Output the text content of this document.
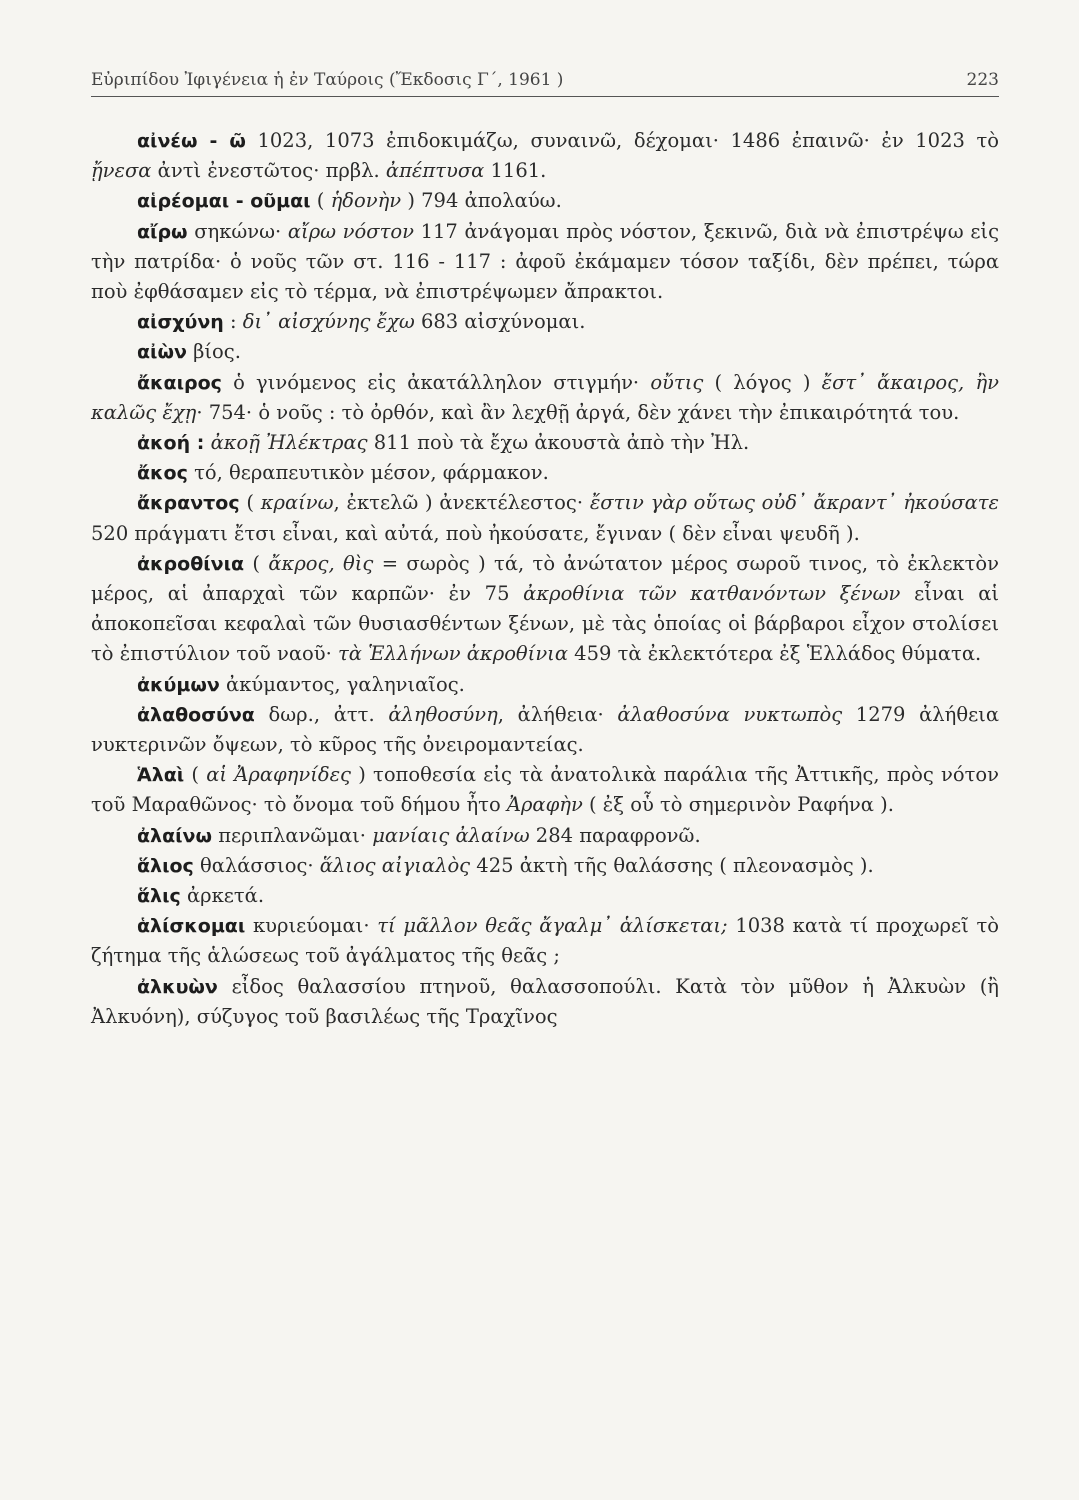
Εὐριπίδου Ἰφιγένεια ἡ ἐν Ταύροις (Ἔκδοσις Γ΄, 1961 )	223

αἰνέω - ῶ 1023, 1073 ἐπιδοκιμάζω, συναινῶ, δέχομαι· 1486 ἐπαινῶ· ἐν 1023 τὸ ᾔνεσα ἀντὶ ἐνεστῶτος· πρβλ. ἀπέπτυσα 1161.

αἱρέομαι - οῦμαι ( ἡδονὴν ) 794 ἀπολαύω.

αἴρω σηκώνω· αἴρω νόστον 117 ἀνάγομαι πρὸς νόστον, ξεκινῶ, διὰ νὰ ἐπιστρέψω εἰς τὴν πατρίδα· ὁ νοῦς τῶν στ. 116 - 117 : ἀφοῦ ἐκάμαμεν τόσον ταξίδι, δὲν πρέπει, τώρα ποὺ ἐφθάσαμεν εἰς τὸ τέρμα, νὰ ἐπιστρέψωμεν ἄπρακτοι.

αἰσχύνη : δι᾽ αἰσχύνης ἔχω 683 αἰσχύνομαι.

αἰὼν βίος.

ἄκαιρος ὁ γινόμενος εἰς ἀκατάλληλον στιγμήν· οὔτις ( λόγος ) ἔστ᾽ ἄκαιρος, ἢν καλῶς ἔχῃ· 754· ὁ νοῦς : τὸ ὀρθόν, καὶ ἂν λεχθῇ ἀργά, δὲν χάνει τὴν ἐπικαιρότητά του.

ἀκοή : ἀκοῇ Ἠλέκτρας 811 ποὺ τὰ ἔχω ἀκουστὰ ἀπὸ τὴν Ἠλ.

ἄκος τό, θεραπευτικὸν μέσον, φάρμακον.

ἄκραντος ( κραίνω, ἐκτελῶ ) ἀνεκτέλεστος· ἔστιν γὰρ οὕτως οὐδ᾽ ἄκραντ᾽ ἠκούσατε 520 πράγματι ἔτσι εἶναι, καὶ αὐτά, ποὺ ἠκούσατε, ἔγιναν ( δὲν εἶναι ψευδῆ ).

ἀκροθίνια ( ἄκρος, θὶς = σωρὸς ) τά, τὸ ἀνώτατον μέρος σωροῦ τινος, τὸ ἐκλεκτὸν μέρος, αἱ ἀπαρχαὶ τῶν καρπῶν· ἐν 75 ἀκροθίνια τῶν κατθανόντων ξένων εἶναι αἱ ἀποκοπεῖσαι κεφαλαὶ τῶν θυσιασθέντων ξένων, μὲ τὰς ὁποίας οἱ βάρβαροι εἶχον στολίσει τὸ ἐπιστύλιον τοῦ ναοῦ· τὰ Ἑλλήνων ἀκροθίνια 459 τὰ ἐκλεκτότερα ἐξ Ἑλλάδος θύματα.

ἀκύμων ἀκύμαντος, γαληνιαῖος.

ἀλαθοσύνα δωρ., ἀττ. ἀληθοσύνη, ἀλήθεια· ἀλαθοσύνα νυκτωπὸς 1279 ἀλήθεια νυκτερινῶν ὄψεων, τὸ κῦρος τῆς ὀνειρομαντείας.

Ἁλαὶ ( αἱ Ἀραφηνίδες ) τοποθεσία εἰς τὰ ἀνατολικὰ παράλια τῆς Ἀττικῆς, πρὸς νότον τοῦ Μαραθῶνος· τὸ ὄνομα τοῦ δήμου ἦτο Ἀραφὴν ( ἐξ οὗ τὸ σημερινὸν Ραφήνα ).

ἀλαίνω περιπλανῶμαι· μανίαις ἀλαίνω 284 παραφρονῶ.

ἅλιος θαλάσσιος· ἅλιος αἰγιαλὸς 425 ἀκτὴ τῆς θαλάσσης ( πλεονασμὸς ).

ἅλις ἀρκετά.

ἁλίσκομαι κυριεύομαι· τί μᾶλλον θεᾶς ἄγαλμ᾽ ἁλίσκεται; 1038 κατὰ τί προχωρεῖ τὸ ζήτημα τῆς ἁλώσεως τοῦ ἀγάλματος τῆς θεᾶς ;

ἀλκυὼν εἶδος θαλασσίου πτηνοῦ, θαλασσοπούλι. Κατὰ τὸν μῦθον ἡ Ἀλκυὼν (ἢ Ἀλκυόνη), σύζυγος τοῦ βασιλέως τῆς Τραχῖνος
